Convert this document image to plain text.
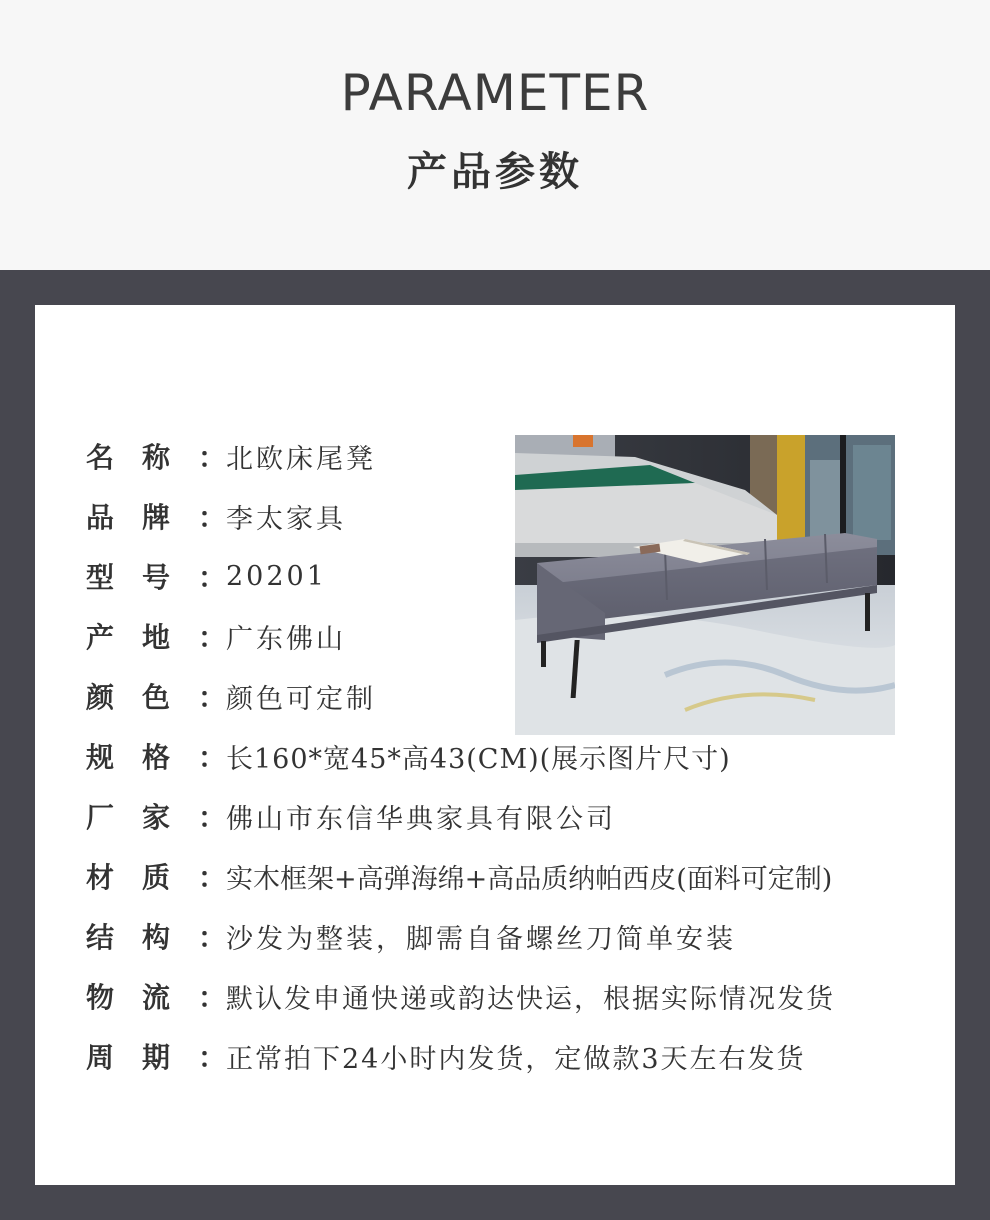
PARAMETER
产品参数
名 称 ： 北欧床尾凳
品 牌 ： 李太家具
型 号 ： 20201
产 地 ： 广东佛山
颜 色 ： 颜色可定制
规 格 ： 长160*宽45*高43(CM)(展示图片尺寸)
厂 家 ： 佛山市东信华典家具有限公司
材 质 ： 实木框架+高弹海绵+高品质纳帕西皮(面料可定制)
结 构 ： 沙发为整装，脚需自备螺丝刀简单安装
物 流 ： 默认发申通快递或韵达快运，根据实际情况发货
周 期 ： 正常拍下24小时内发货，定做款3天左右发货
